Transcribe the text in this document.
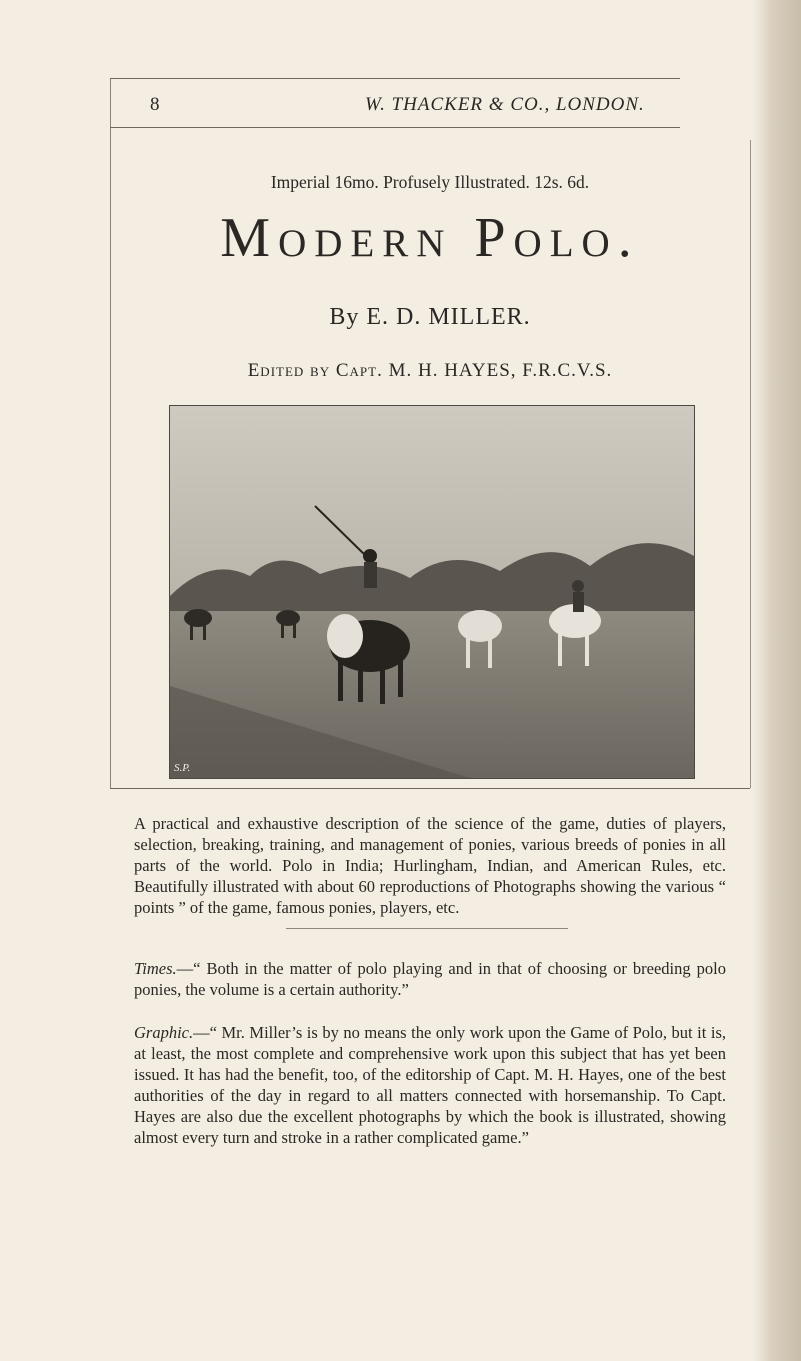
8	W. THACKER & CO., LONDON.
Imperial 16mo. Profusely Illustrated. 12s. 6d.
Modern Polo.
By E. D. MILLER.
Edited by Capt. M. H. HAYES, F.R.C.V.S.
S.P.
A practical and exhaustive description of the science of the game, duties of players, selection, breaking, training, and management of ponies, various breeds of ponies in all parts of the world. Polo in India; Hurlingham, Indian, and American Rules, etc. Beautifully illustrated with about 60 reproductions of Photographs showing the various “ points ” of the game, famous ponies, players, etc.
Times.—“ Both in the matter of polo playing and in that of choosing or breeding polo ponies, the volume is a certain authority.”
Graphic.—“ Mr. Miller’s is by no means the only work upon the Game of Polo, but it is, at least, the most complete and comprehensive work upon this subject that has yet been issued. It has had the benefit, too, of the editorship of Capt. M. H. Hayes, one of the best authorities of the day in regard to all matters connected with horsemanship. To Capt. Hayes are also due the excellent photographs by which the book is illustrated, showing almost every turn and stroke in a rather complicated game.”
